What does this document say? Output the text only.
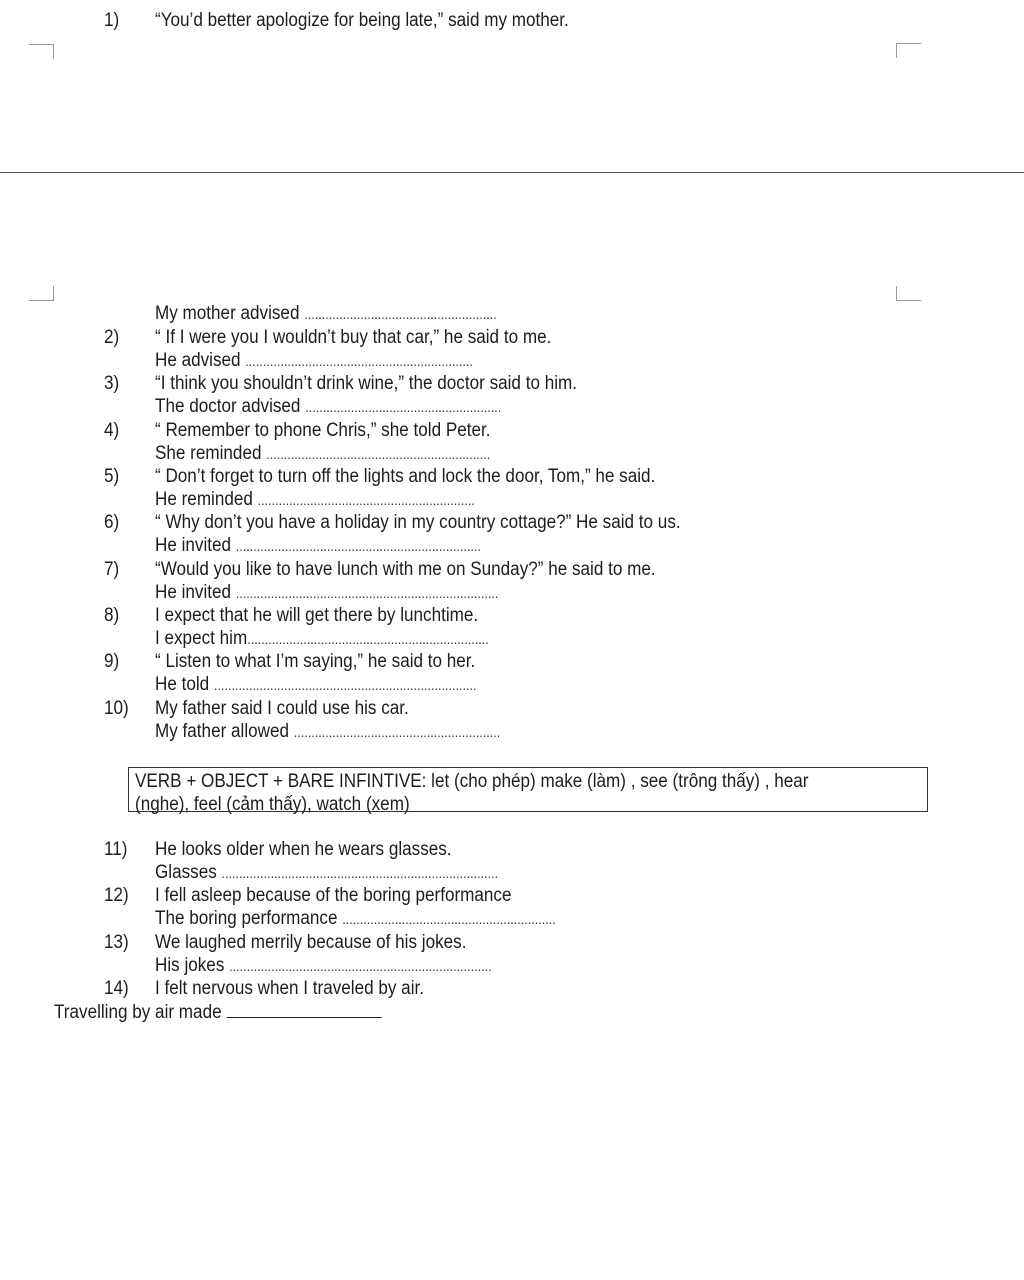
1)	“You’d better apologize for being late,” said my mother.
My mother advised .......................................................
2)	“ If I were you I wouldn’t buy that car,” he said to me.
He advised .................................................................
3)	“I think you shouldn’t drink wine,” the doctor said to him.
The doctor advised ........................................................
4)	“ Remember to phone Chris,” she told Peter.
She reminded ................................................................
5)	“ Don’t forget to turn off the lights and lock the door, Tom,” he said.
He reminded ..............................................................
6)	“ Why don’t you have a holiday in my country cottage?” He said to us.
He invited ......................................................................
7)	“Would you like to have lunch with me on Sunday?” he said to me.
He invited ...........................................................................
8)	I expect that he will get there by lunchtime.
I expect him.....................................................................
9)	“ Listen to what I’m saying,” he said to her.
He told ...........................................................................
10)	My father said I could use his car.
My father allowed ...........................................................
VERB + OBJECT + BARE INFINTIVE: let (cho phép) make (làm) , see (trông thấy) , hear
(nghe), feel (cảm thấy), watch (xem)
11)	He looks older when he wears glasses.
Glasses ...............................................................................
12)	I fell asleep because of the boring performance
The boring performance .............................................................
13)	We laughed merrily because of his jokes.
His jokes ...........................................................................
14)	I felt nervous when I traveled by air.
Travelling by air made
